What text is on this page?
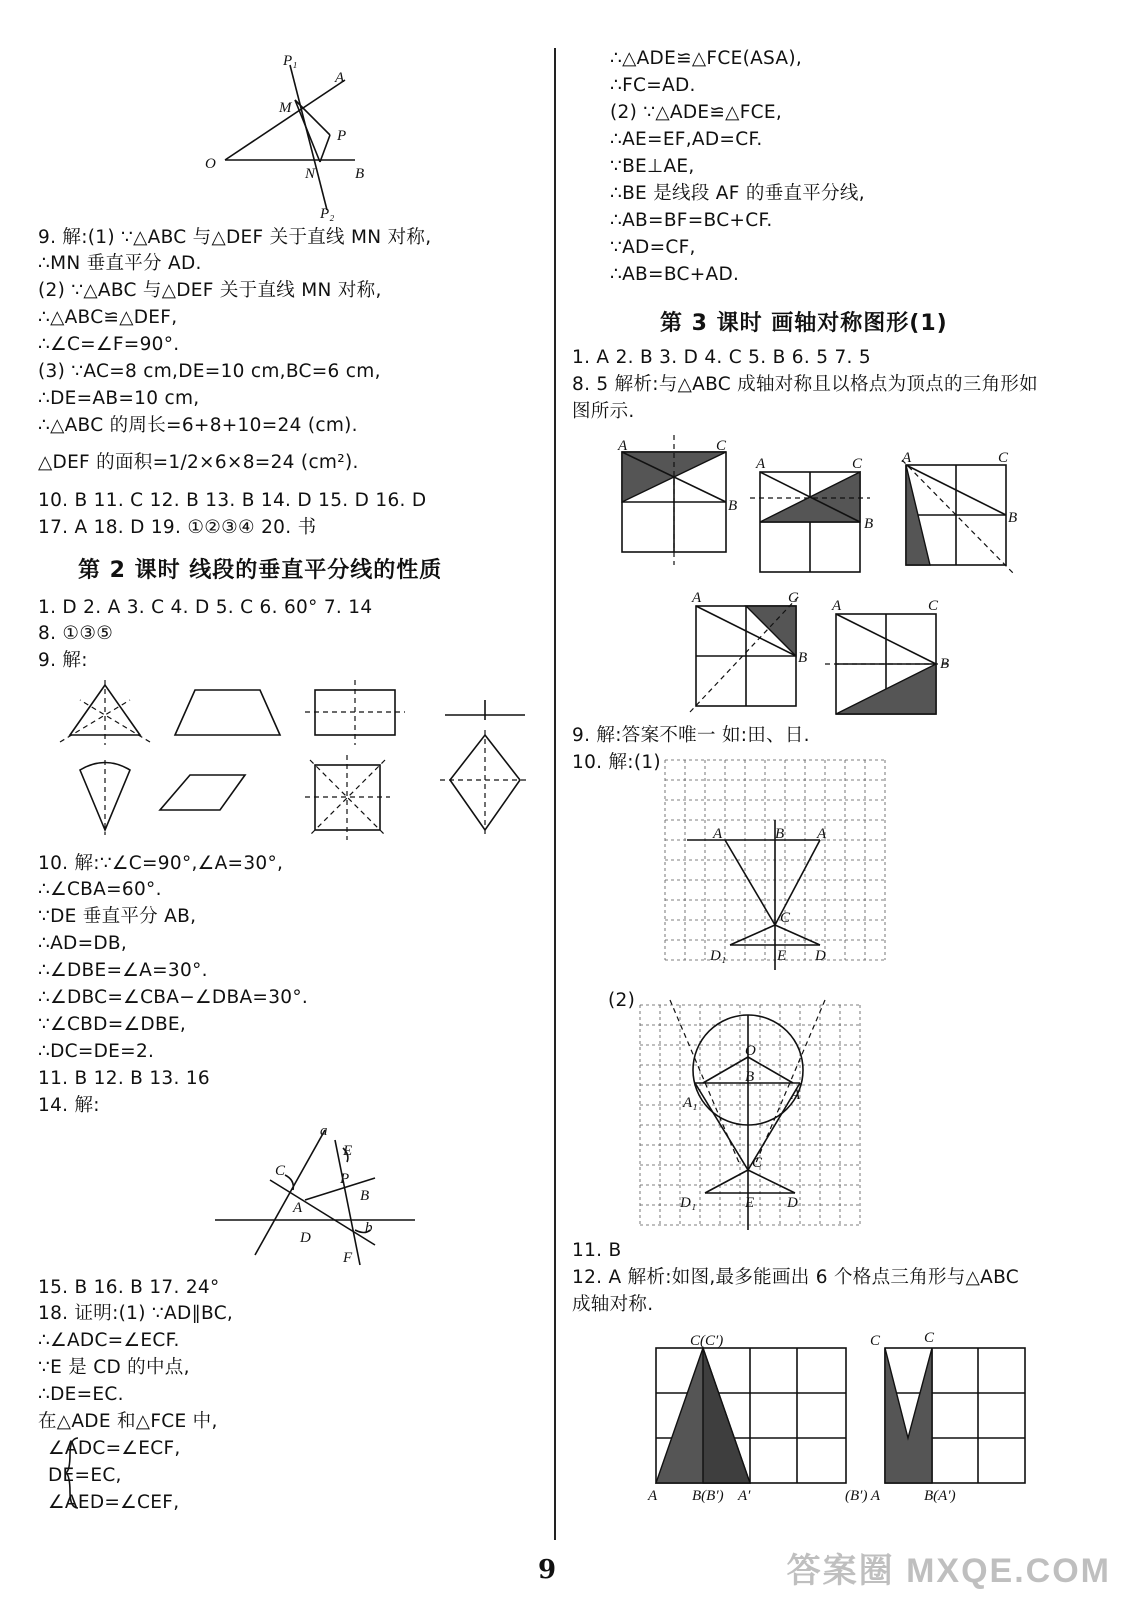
P₁
A
M
P
O
N	B
P₂
9. 解:(1) ∵△ABC 与△DEF 关于直线 MN 对称,
∴MN 垂直平分 AD.
(2) ∵△ABC 与△DEF 关于直线 MN 对称,
∴△ABC≌△DEF,
∴∠C=∠F=90°.
(3) ∵AC=8 cm,DE=10 cm,BC=6 cm,
∴DE=AB=10 cm,
∴△ABC 的周长=6+8+10=24 (cm).
△DEF 的面积=1/2×6×8=24 (cm²).
10. B 11. C 12. B 13. B 14. D 15. D 16. D
17. A 18. D 19. ①②③④ 20. 书
第 2 课时 线段的垂直平分线的性质
1. D 2. A 3. C 4. D 5. C 6. 60° 7. 14
8. ①③⑤
9. 解:
10. 解:∵∠C=90°,∠A=30°,
∴∠CBA=60°.
∵DE 垂直平分 AB,
∴AD=DB,
∴∠DBE=∠A=30°.
∴∠DBC=∠CBA−∠DBA=30°.
∵∠CBD=∠DBE,
∴DC=DE=2.
11. B 12. B 13. 16
14. 解:
a
E
C	P
B
A
D
F
b
15. B 16. B 17. 24°
18. 证明:(1) ∵AD∥BC,
∴∠ADC=∠ECF.
∵E 是 CD 的中点,
∴DE=EC.
在△ADE 和△FCE 中,
∠ADC=∠ECF,
DE=EC,
∠AED=∠CEF,
∴△ADE≌△FCE(ASA),
∴FC=AD.
(2) ∵△ADE≌△FCE,
∴AE=EF,AD=CF.
∵BE⊥AE,
∴BE 是线段 AF 的垂直平分线,
∴AB=BF=BC+CF.
∵AD=CF,
∴AB=BC+AD.
第 3 课时 画轴对称图形(1)
1. A 2. B 3. D 4. C 5. B 6. 5 7. 5
8. 5 解析:与△ABC 成轴对称且以格点为顶点的三角形如
图所示.
A	C
B
A	C
B
A	C
B
A	C
B
A	C
B
9. 解:答案不唯一 如:田、日.
10. 解:(1)
A	B A
C
D₁	E D
(2)
O
B
A₁	A
C
D₁	E D
11. B
12. A 解析:如图,最多能画出 6 个格点三角形与△ABC
成轴对称.
C(C′)
A B(B′) A′
C	C
(B′) A	B(A′)
9	答案圈 MXQE.COM
